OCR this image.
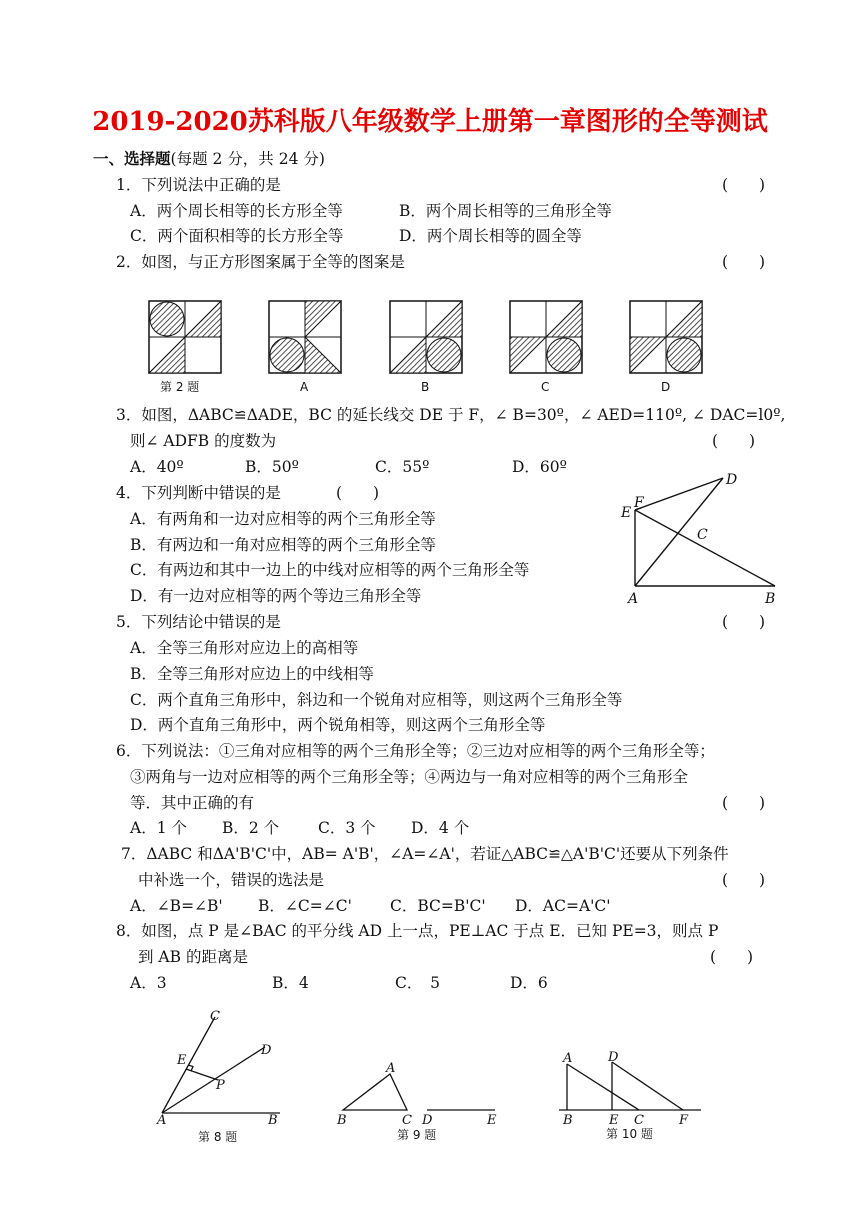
2019-2020苏科版八年级数学上册第一章图形的全等测试
一、选择题(每题 2 分，共 24 分)
1．下列说法中正确的是	(　　)
A．两个周长相等的长方形全等	B．两个周长相等的三角形全等
C．两个面积相等的长方形全等	D．两个周长相等的圆全等
2．如图，与正方形图案属于全等的图案是	(　　)
第 2 题	A	B	C	D
3．如图，ΔABC≌ΔADE，BC 的延长线交 DE 于 F，∠ B=30º，∠ AED=110º, ∠ DAC=l0º,
则∠ ADFB 的度数为	(　　)
A．40º	B．50º	C．55º	D．60º
D
F
E
C
A	B
4．下列判断中错误的是	(　　)
A．有两角和一边对应相等的两个三角形全等
B．有两边和一角对应相等的两个三角形全等
C．有两边和其中一边上的中线对应相等的两个三角形全等
D．有一边对应相等的两个等边三角形全等
5．下列结论中错误的是	(　　)
A．全等三角形对应边上的高相等
B．全等三角形对应边上的中线相等
C．两个直角三角形中，斜边和一个锐角对应相等，则这两个三角形全等
D．两个直角三角形中，两个锐角相等，则这两个三角形全等
6．下列说法：①三角对应相等的两个三角形全等；②三边对应相等的两个三角形全等；
③两角与一边对应相等的两个三角形全等；④两边与一角对应相等的两个三角形全
等．其中正确的有	(　　)
A．1 个 B．2 个	C．3 个 D．4 个
7．ΔABC 和ΔA'B'C'中，AB= A'B'，∠A=∠A'，若证△ABC≌△A'B'C'还要从下列条件
中补选一个，错误的选法是	(　　)
A．∠B=∠B' B．∠C=∠C' C．BC=B'C' D．AC=A'C'
8．如图，点 P 是∠BAC 的平分线 AD 上一点，PE⊥AC 于点 E．已知 PE=3，则点 P
到 AB 的距离是	(　　)
A．3	B．4	C．　5	D．6
C
E
D
P
A	B
第 8 题
A
B	C D	E
第 9 题
A	D
B	E C	F
第 10 题
